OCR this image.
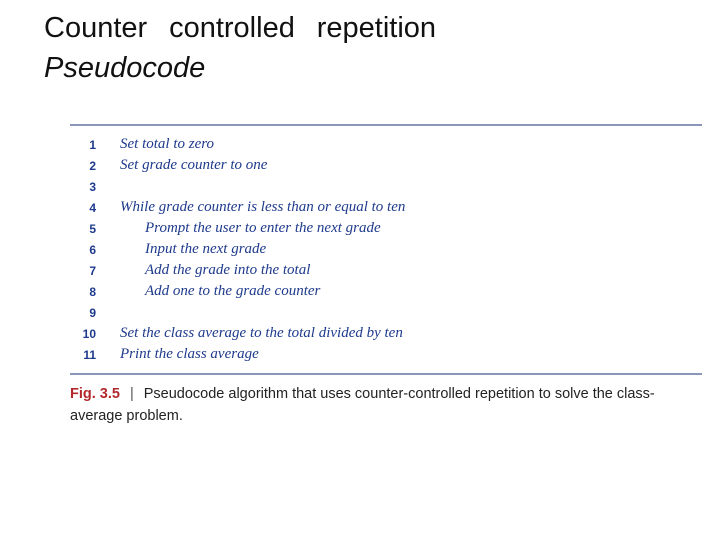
Counter  controlled  repetition
Pseudocode
1 Set total to zero
2 Set grade counter to one
3
4 While grade counter is less than or equal to ten
5	Prompt the user to enter the next grade
6	Input the next grade
7	Add the grade into the total
8	Add one to the grade counter
9
10 Set the class average to the total divided by ten
11 Print the class average
Fig. 3.5 | Pseudocode algorithm that uses counter-controlled repetition to solve the class-average problem.
